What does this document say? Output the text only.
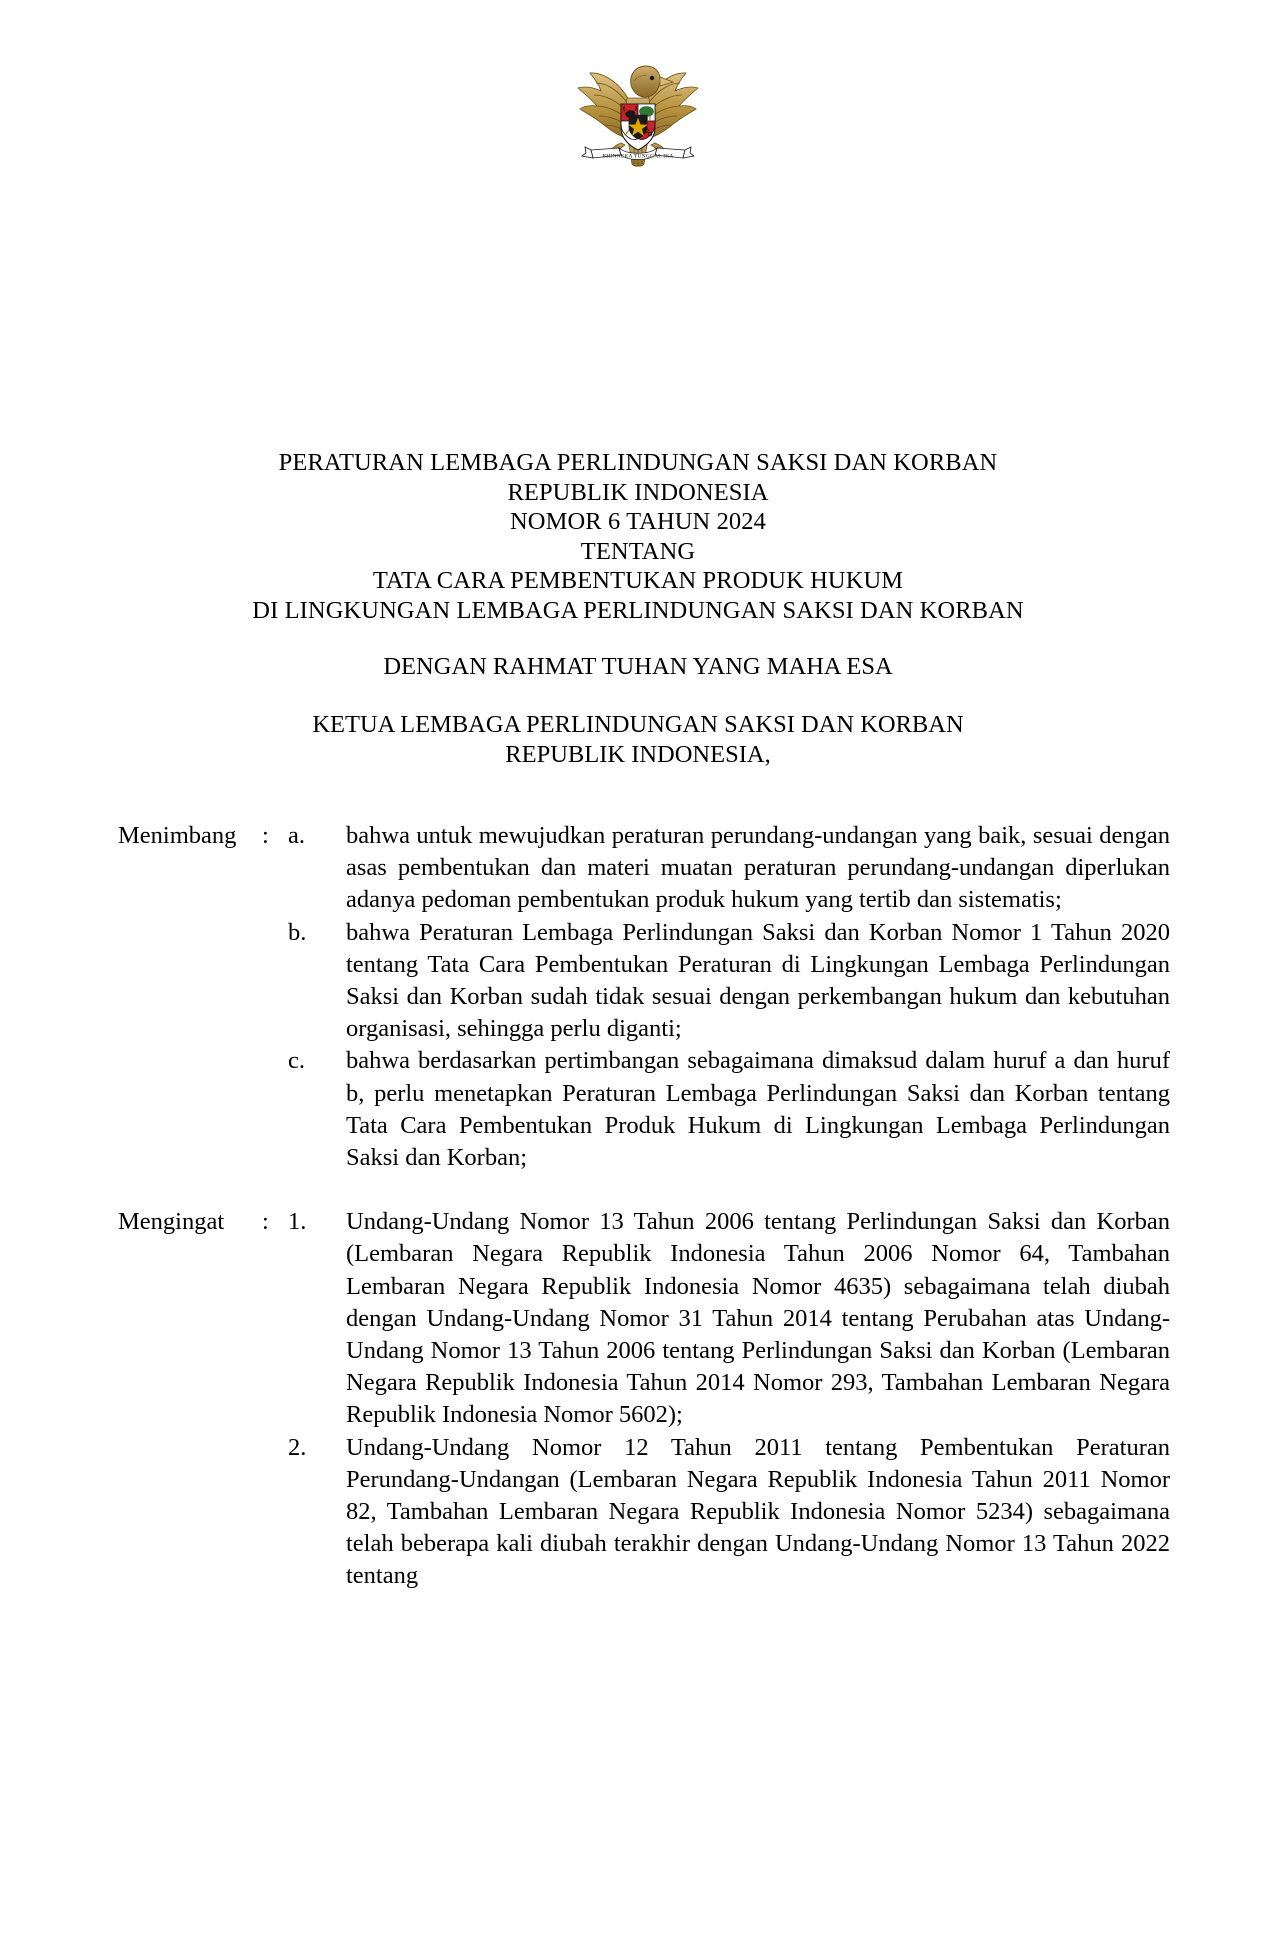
BHINNEKA TUNGGAL IKA
PERATURAN LEMBAGA PERLINDUNGAN SAKSI DAN KORBAN
REPUBLIK INDONESIA
NOMOR 6 TAHUN 2024
TENTANG
TATA CARA PEMBENTUKAN PRODUK HUKUM
DI LINGKUNGAN LEMBAGA PERLINDUNGAN SAKSI DAN KORBAN
DENGAN RAHMAT TUHAN YANG MAHA ESA
KETUA LEMBAGA PERLINDUNGAN SAKSI DAN KORBAN
REPUBLIK INDONESIA,
Menimbang	: a.	bahwa untuk mewujudkan peraturan perundang-undangan yang baik, sesuai dengan asas pembentukan dan materi muatan peraturan perundang-undangan diperlukan adanya pedoman pembentukan produk hukum yang tertib dan sistematis;

b.	bahwa Peraturan Lembaga Perlindungan Saksi dan Korban Nomor 1 Tahun 2020 tentang Tata Cara Pembentukan Peraturan di Lingkungan Lembaga Perlindungan Saksi dan Korban sudah tidak sesuai dengan perkembangan hukum dan kebutuhan organisasi, sehingga perlu diganti;

c.	bahwa berdasarkan pertimbangan sebagaimana dimaksud dalam huruf a dan huruf b, perlu menetapkan Peraturan Lembaga Perlindungan Saksi dan Korban tentang Tata Cara Pembentukan Produk Hukum di Lingkungan Lembaga Perlindungan Saksi dan Korban;

Mengingat	: 1.	Undang-Undang Nomor 13 Tahun 2006 tentang Perlindungan Saksi dan Korban (Lembaran Negara Republik Indonesia Tahun 2006 Nomor 64, Tambahan Lembaran Negara Republik Indonesia Nomor 4635) sebagaimana telah diubah dengan Undang-Undang Nomor 31 Tahun 2014 tentang Perubahan atas Undang-Undang Nomor 13 Tahun 2006 tentang Perlindungan Saksi dan Korban (Lembaran Negara Republik Indonesia Tahun 2014 Nomor 293, Tambahan Lembaran Negara Republik Indonesia Nomor 5602);

2.	Undang-Undang Nomor 12 Tahun 2011 tentang Pembentukan Peraturan Perundang-Undangan (Lembaran Negara Republik Indonesia Tahun 2011 Nomor 82, Tambahan Lembaran Negara Republik Indonesia Nomor 5234) sebagaimana telah beberapa kali diubah terakhir dengan Undang-Undang Nomor 13 Tahun 2022 tentang
